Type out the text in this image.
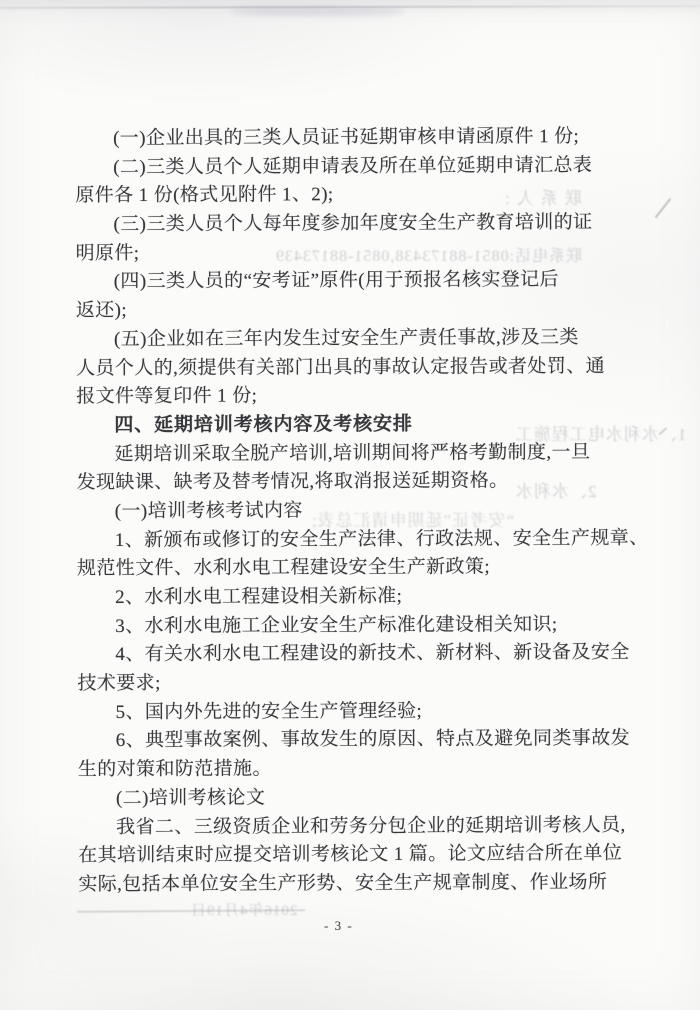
联系人:
联系电话:0851-88173438,0851-88173439
1、水利水电工程施工
2、水利水
“安考证”延期申请汇总表;
2016年4月19日
(一)企业出具的三类人员证书延期审核申请函原件 1 份;
(二)三类人员个人延期申请表及所在单位延期申请汇总表
原件各 1 份(格式见附件 1、2);
(三)三类人员个人每年度参加年度安全生产教育培训的证
明原件;
(四)三类人员的“安考证”原件(用于预报名核实登记后
返还);
(五)企业如在三年内发生过安全生产责任事故,涉及三类
人员个人的,须提供有关部门出具的事故认定报告或者处罚、通
报文件等复印件 1 份;
四、延期培训考核内容及考核安排
延期培训采取全脱产培训,培训期间将严格考勤制度,一旦
发现缺课、缺考及替考情况,将取消报送延期资格。
(一)培训考核考试内容
1、新颁布或修订的安全生产法律、行政法规、安全生产规章、
规范性文件、水利水电工程建设安全生产新政策;
2、水利水电工程建设相关新标准;
3、水利水电施工企业安全生产标准化建设相关知识;
4、有关水利水电工程建设的新技术、新材料、新设备及安全
技术要求;
5、国内外先进的安全生产管理经验;
6、典型事故案例、事故发生的原因、特点及避免同类事故发
生的对策和防范措施。
(二)培训考核论文
我省二、三级资质企业和劳务分包企业的延期培训考核人员,
在其培训结束时应提交培训考核论文 1 篇。论文应结合所在单位
实际,包括本单位安全生产形势、安全生产规章制度、作业场所
- 3 -
